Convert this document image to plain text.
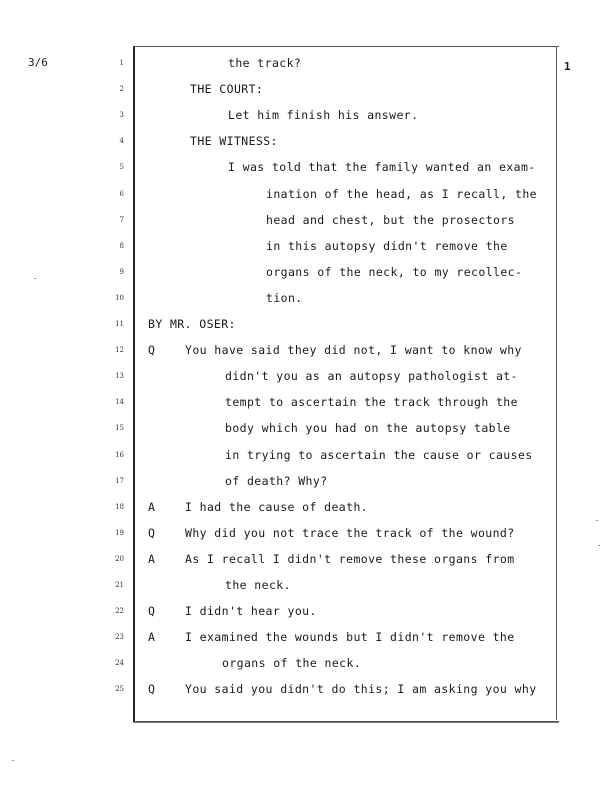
3/6	1
1	the track?
2	THE COURT:
3	Let him finish his answer.
4	THE WITNESS:
5	I was told that the family wanted an exam-
6	ination of the head, as I recall, the
7	head and chest, but the prosectors
8	in this autopsy didn't remove the
9	organs of the neck, to my recollec-
10	tion.
11 BY MR. OSER:
12 Q	You have said they did not, I want to know why
13	didn't you as an autopsy pathologist at-
14	tempt to ascertain the track through the
15	body which you had on the autopsy table
16	in trying to ascertain the cause or causes
17	of death? Why?
18 A	I had the cause of death.
19 Q	Why did you not trace the track of the wound?
20 A	As I recall I didn't remove these organs from
21	the neck.
22 Q	I didn't hear you.
23 A	I examined the wounds but I didn't remove the
24	organs of the neck.
25 Q	You said you didn't do this; I am asking you why
